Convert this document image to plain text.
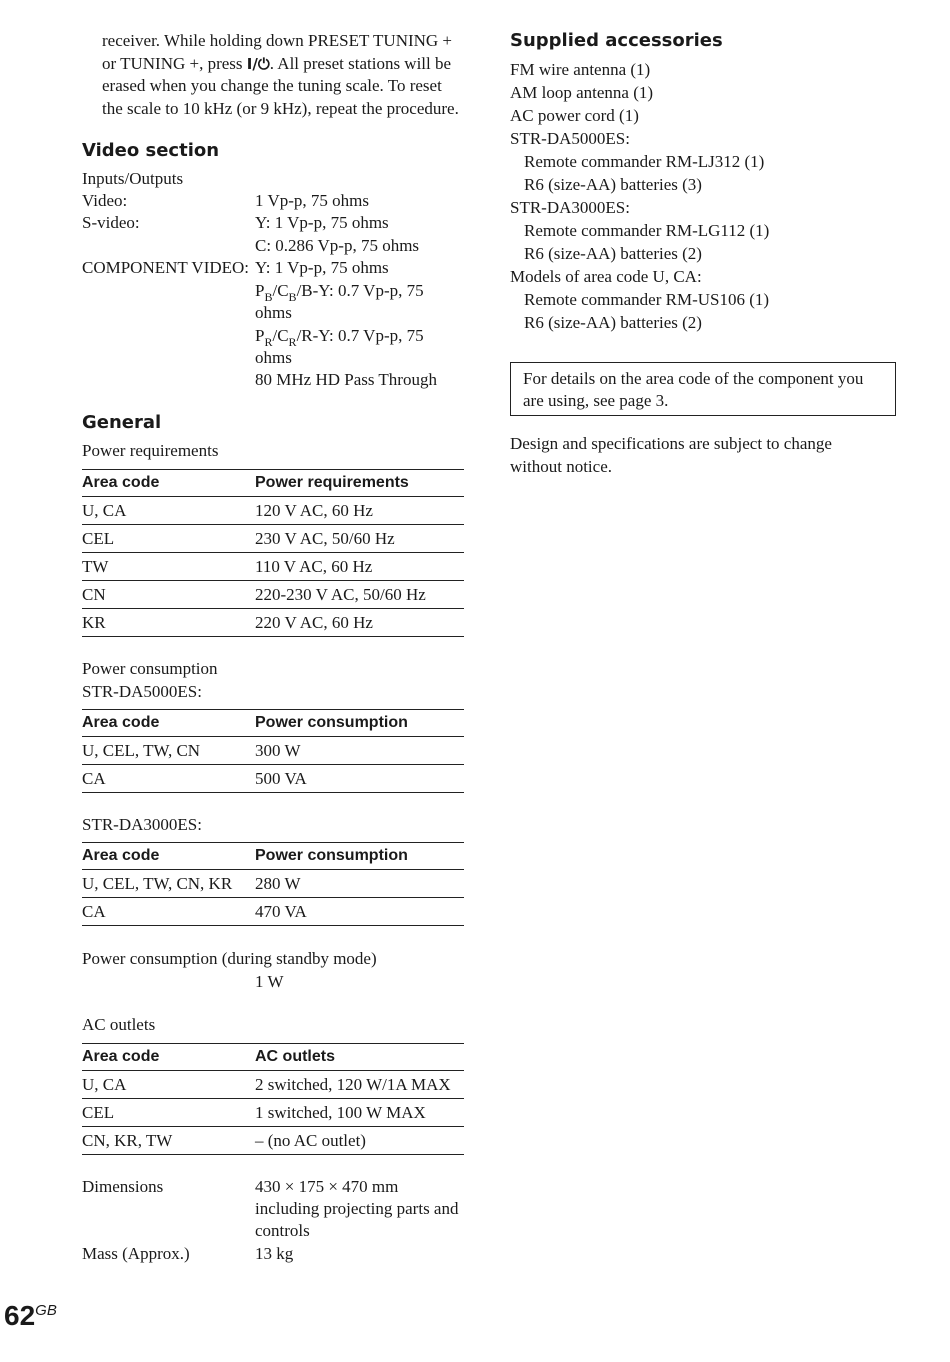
receiver. While holding down PRESET TUNING +
or TUNING +, press I/⏻. All preset stations will be
erased when you change the tuning scale. To reset
the scale to 10 kHz (or 9 kHz), repeat the procedure.
Video section
Inputs/Outputs
Video:	1 Vp-p, 75 ohms
S-video:	Y: 1 Vp-p, 75 ohms
C: 0.286 Vp-p, 75 ohms
COMPONENT VIDEO: Y: 1 Vp-p, 75 ohms
$P_B/C_B/B-Y$: 0.7 Vp-p, 75
ohms
$P_R/C_R/R-Y$: 0.7 Vp-p, 75
ohms
80 MHz HD Pass Through
General
Power requirements
Area code	Power requirements
U, CA	120 V AC, 60 Hz
CEL	230 V AC, 50/60 Hz
TW	110 V AC, 60 Hz
CN	220-230 V AC, 50/60 Hz
KR	220 V AC, 60 Hz
Power consumption
STR-DA5000ES:
Area code	Power consumption
U, CEL, TW, CN	300 W
CA	500 VA
STR-DA3000ES:
Area code	Power consumption
U, CEL, TW, CN, KR	280 W
CA	470 VA
Power consumption (during standby mode)
1 W
AC outlets
Area code	AC outlets
U, CA	2 switched, 120 W/1A MAX
CEL	1 switched, 100 W MAX
CN, KR, TW	– (no AC outlet)
Dimensions	430 × 175 × 470 mm
including projecting parts and
controls
Mass (Approx.)	13 kg
Supplied accessories
FM wire antenna (1)
AM loop antenna (1)
AC power cord (1)
STR-DA5000ES:
Remote commander RM-LJ312 (1)
R6 (size-AA) batteries (3)
STR-DA3000ES:
Remote commander RM-LG112 (1)
R6 (size-AA) batteries (2)
Models of area code U, CA:
Remote commander RM-US106 (1)
R6 (size-AA) batteries (2)
For details on the area code of the component you
are using, see page 3.
Design and specifications are subject to change
without notice.
$62^{GB}$
